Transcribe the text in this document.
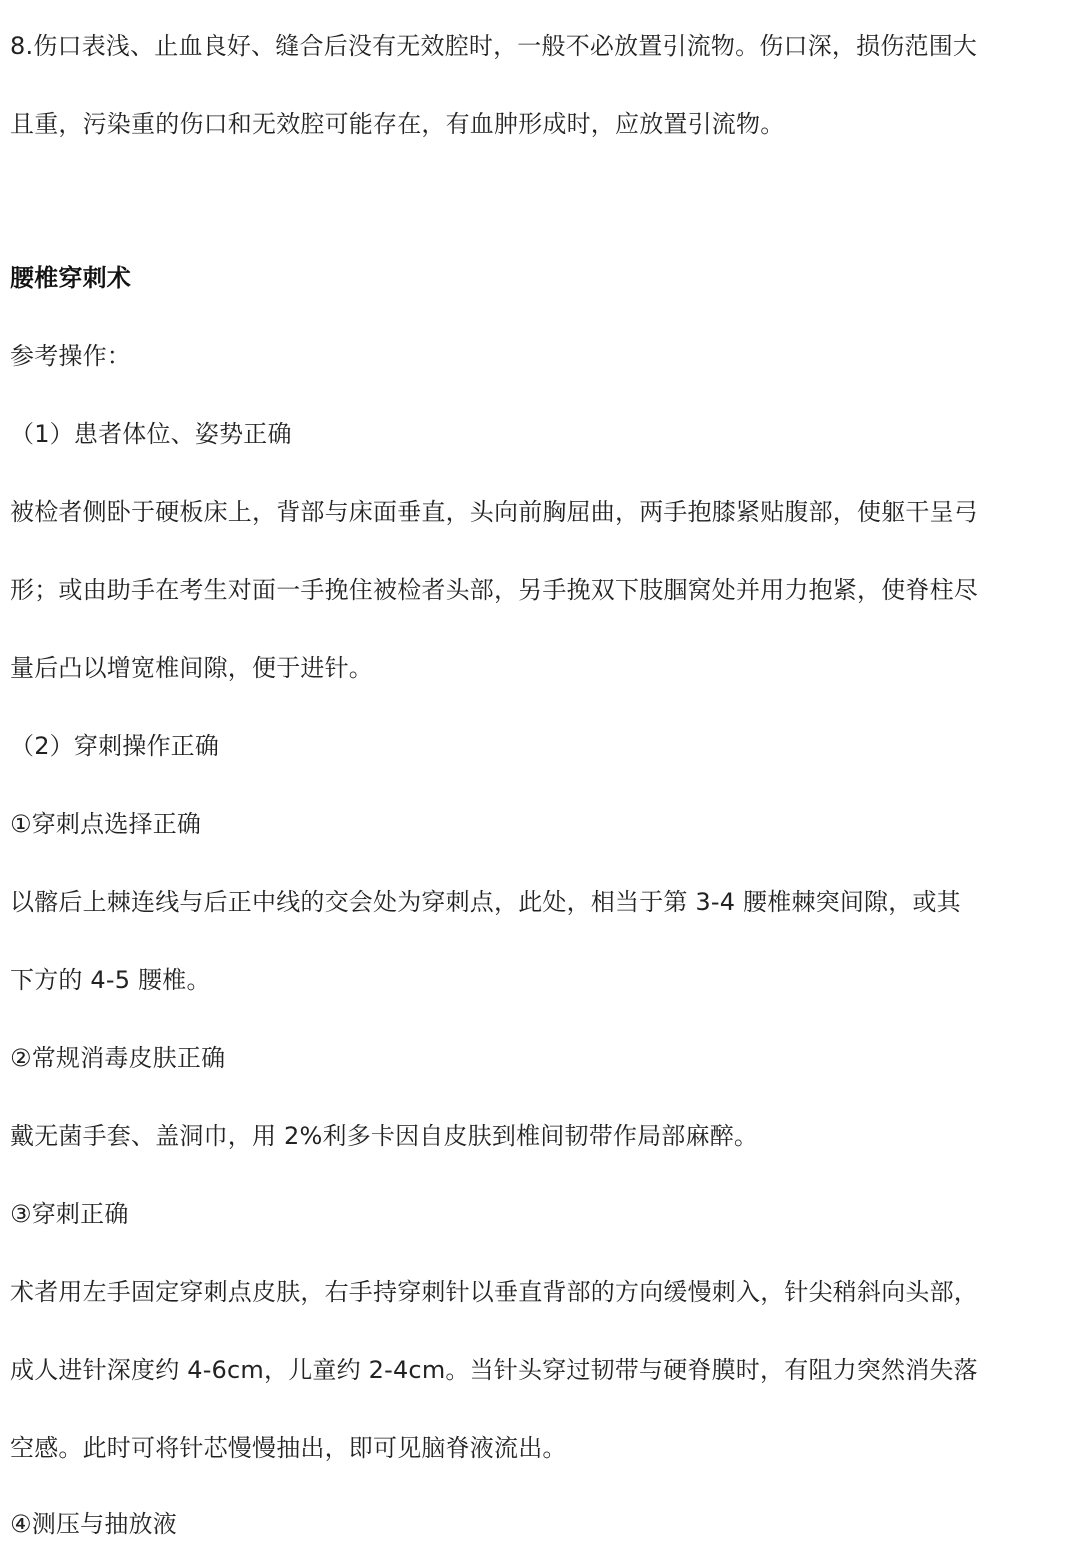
8.伤口表浅、止血良好、缝合后没有无效腔时，一般不必放置引流物。伤口深，损伤范围大
且重，污染重的伤口和无效腔可能存在，有血肿形成时，应放置引流物。
腰椎穿刺术
参考操作：
（1）患者体位、姿势正确
被检者侧卧于硬板床上，背部与床面垂直，头向前胸屈曲，两手抱膝紧贴腹部，使躯干呈弓
形；或由助手在考生对面一手挽住被检者头部，另手挽双下肢腘窝处并用力抱紧，使脊柱尽
量后凸以增宽椎间隙，便于进针。
（2）穿刺操作正确
①穿刺点选择正确
以髂后上棘连线与后正中线的交会处为穿刺点，此处，相当于第 3-4 腰椎棘突间隙，或其
下方的 4-5 腰椎。
②常规消毒皮肤正确
戴无菌手套、盖洞巾，用 2%利多卡因自皮肤到椎间韧带作局部麻醉。
③穿刺正确
术者用左手固定穿刺点皮肤，右手持穿刺针以垂直背部的方向缓慢刺入，针尖稍斜向头部，
成人进针深度约 4-6cm，儿童约 2-4cm。当针头穿过韧带与硬脊膜时，有阻力突然消失落
空感。此时可将针芯慢慢抽出，即可见脑脊液流出。
④测压与抽放液
